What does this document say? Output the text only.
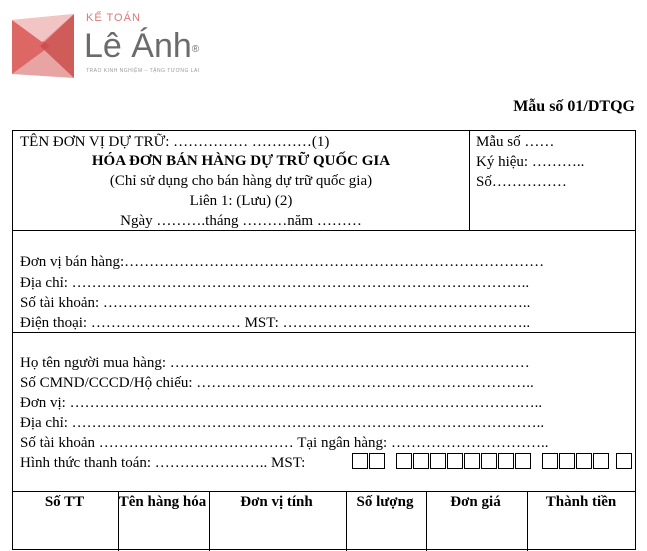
KẾ TOÁN
Lê Ánh®
TRAO KINH NGHIỆM – TẶNG TƯƠNG LAI
Mẫu số 01/DTQG
TÊN ĐƠN VỊ DỰ TRỮ: …………… …………(1)
HÓA ĐƠN BÁN HÀNG DỰ TRỮ QUỐC GIA
(Chỉ sử dụng cho bán hàng dự trữ quốc gia)
Liên 1: (Lưu) (2)
Ngày ……….tháng ………năm ………
Mẫu số ……
Ký hiệu: ………..
Số……………
Đơn vị bán hàng:…………………………………………………………………………
Địa chỉ: ………………………………………………………………………………..
Số tài khoản: …………………………………………………………………………..
Điện thoại: ………………………… MST: …………………………………………..
Họ tên người mua hàng: ………………………………………………………………
Số CMND/CCCD/Hộ chiếu: …………………………………………………………..
Đơn vị: …………………………………………………………………………………..
Địa chỉ: …………………………………………………………………………………..
Số tài khoản ………………………………… Tại ngân hàng: …………………………..
Hình thức thanh toán: ………………….. MST:
Số TT	Tên hàng hóa	Đơn vị tính	Số lượng	Đơn giá	Thành tiền
